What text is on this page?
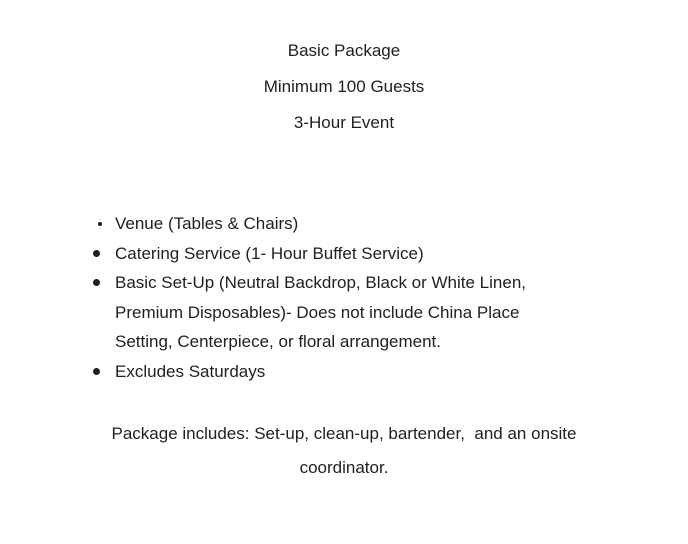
Basic Package
Minimum 100 Guests
3-Hour Event
Venue (Tables & Chairs)
Catering Service (1- Hour Buffet Service)
Basic Set-Up (Neutral Backdrop, Black or White Linen,
Premium Disposables)- Does not include China Place
Setting, Centerpiece, or floral arrangement.
Excludes Saturdays
Package includes: Set-up, clean-up, bartender,  and an onsite
coordinator.
